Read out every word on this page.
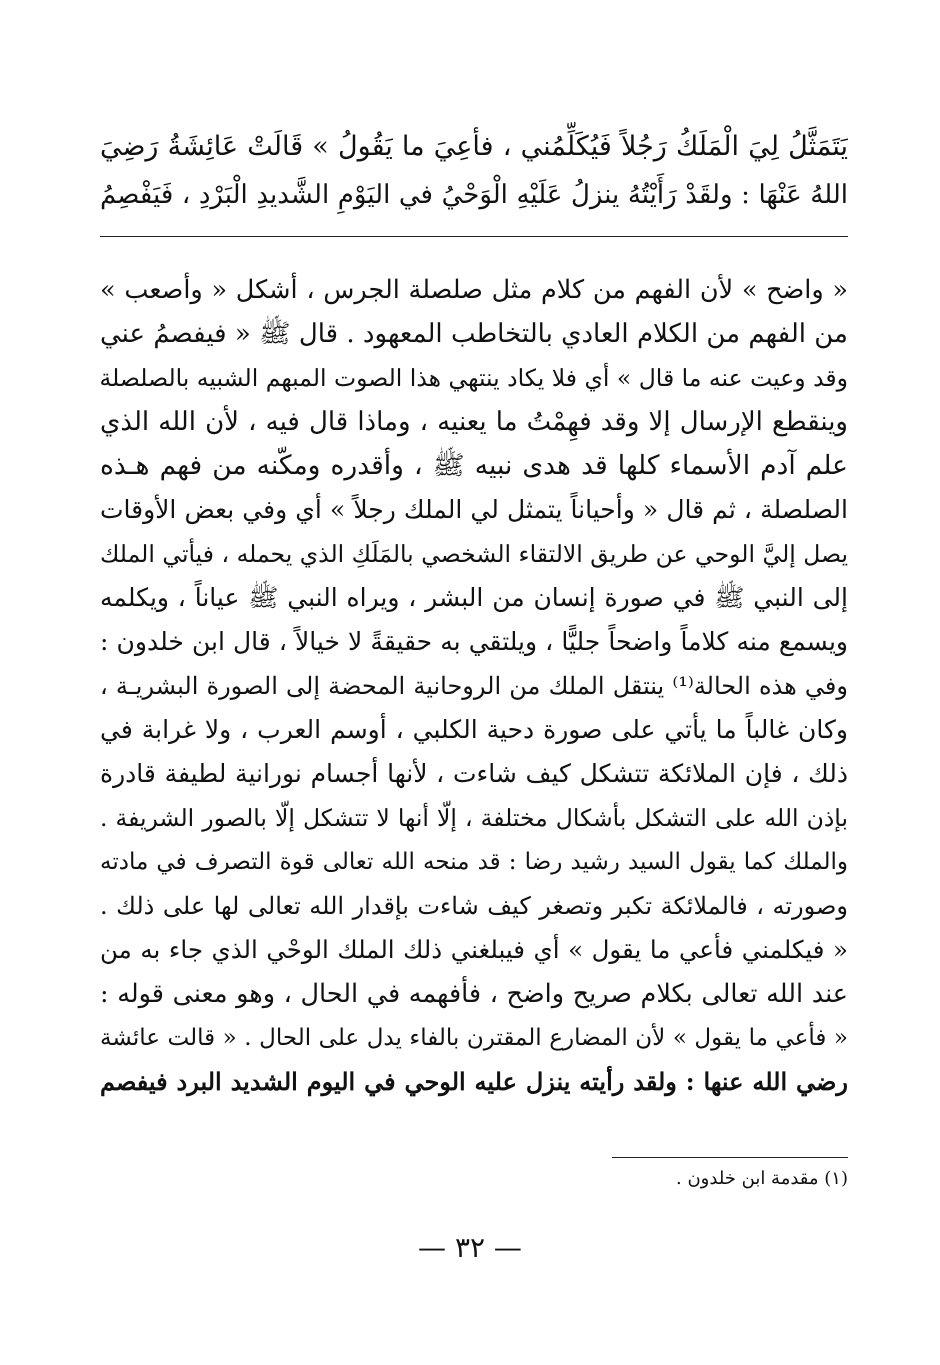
يَتَمَثَّلُ لِيَ الْمَلَكُ رَجُلاً فَيُكَلِّمُني ، فأعِيَ ما يَقُولُ » قَالَتْ عَائِشَةُ رَضِيَ
اللهُ عَنْهَا : ولقَدْ رَأَيْتُهُ ينزلُ عَلَيْهِ الْوَحْيُ في اليَوْمِ الشَّديدِ الْبَرْدِ ، فَيَفْصِمُ
« واضح » لأن الفهم من كلام مثل صلصلة الجرس ، أشكل « وأصعب »
من الفهم من الكلام العادي بالتخاطب المعهود . قال ﷺ « فيفصمُ عني
وقد وعيت عنه ما قال » أي فلا يكاد ينتهي هذا الصوت المبهم الشبيه بالصلصلة
وينقطع الإرسال إلا وقد فهِمْتُ ما يعنيه ، وماذا قال فيه ، لأن الله الذي
علم آدم الأسماء كلها قد هدى نبيه ﷺ ، وأقدره ومكّنه من فهم هـذه
الصلصلة ، ثم قال « وأحياناً يتمثل لي الملك رجلاً » أي وفي بعض الأوقات
يصل إليَّ الوحي عن طريق الالتقاء الشخصي بالمَلَكِ الذي يحمله ، فيأتي الملك
إلى النبي ﷺ في صورة إنسان من البشر ، ويراه النبي ﷺ عياناً ، ويكلمه
ويسمع منه كلاماً واضحاً جليًّا ، ويلتقي به حقيقةً لا خيالاً ، قال ابن خلدون :
وفي هذه الحالة⁽¹⁾ ينتقل الملك من الروحانية المحضة إلى الصورة البشريـة ،
وكان غالباً ما يأتي على صورة دحية الكلبي ، أوسم العرب ، ولا غرابة في
ذلك ، فإن الملائكة تتشكل كيف شاءت ، لأنها أجسام نورانية لطيفة قادرة
بإذن الله على التشكل بأشكال مختلفة ، إلّا أنها لا تتشكل إلّا بالصور الشريفة .
والملك كما يقول السيد رشيد رضا : قد منحه الله تعالى قوة التصرف في مادته
وصورته ، فالملائكة تكبر وتصغر كيف شاءت بإقدار الله تعالى لها على ذلك .
« فيكلمني فأعي ما يقول » أي فيبلغني ذلك الملك الوحْي الذي جاء به من
عند الله تعالى بكلام صريح واضح ، فأفهمه في الحال ، وهو معنى قوله :
« فأعي ما يقول » لأن المضارع المقترن بالفاء يدل على الحال . « قالت عائشة
رضي الله عنها : ولقد رأيته ينزل عليه الوحي في اليوم الشديد البرد فيفصم
(١) مقدمة ابن خلدون .
— ٣٢ —
